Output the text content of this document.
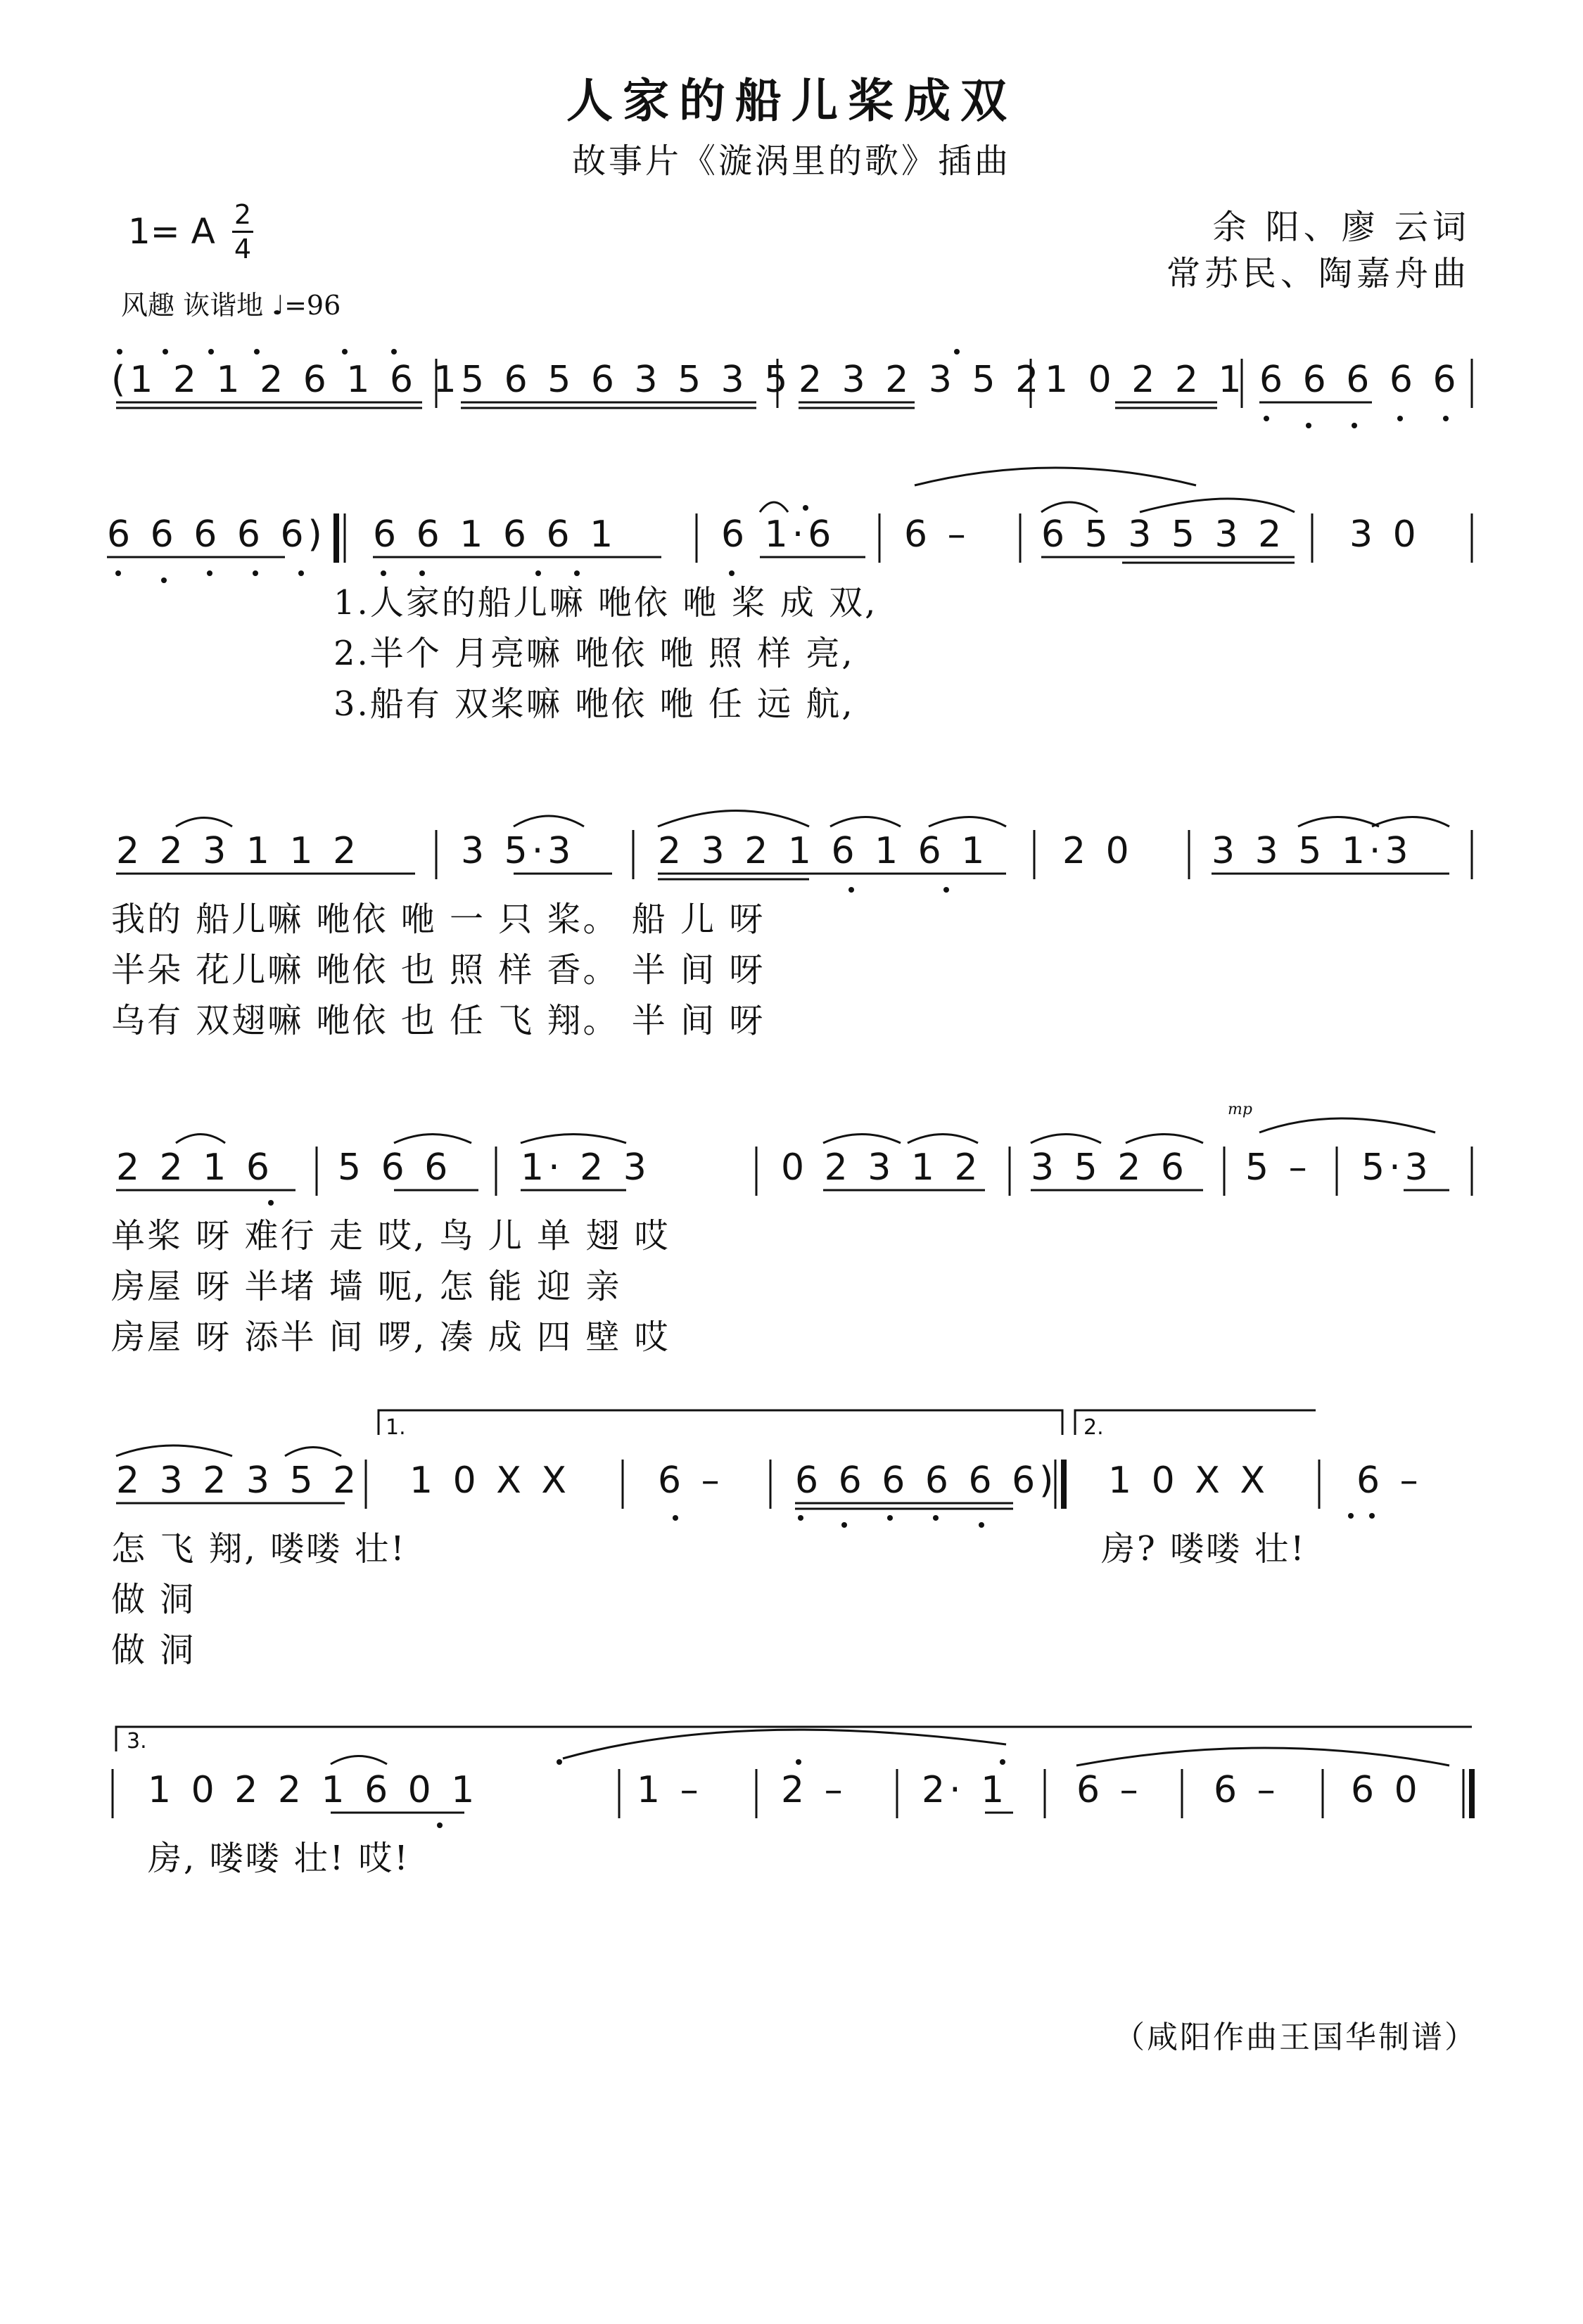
人家的船儿桨成双
故事片《漩涡里的歌》插曲
1= A 2
4
风趣 诙谐地 ♩=96
余 阳、廖 云词
常苏民、陶嘉舟曲
(1 2 1 2 6 1 6 1 5 6 5 6 3 5 3 5 2 3 2 3 5 2 1 0 2 2 1 6 6 6 6 6
6 6 6 6 6) 6 6 1 6 6 1	6 1·6 6 – 6 5 3 5 3 2 3 0
1.人家的船儿嘛 咃依 咃 桨 成 双,
2.半个 月亮嘛 咃依 咃 照 样 亮,
3.船有 双桨嘛 咃依 咃 任 远 航,
2 2 3 1 1 2	3 5·3 2 3 2 1 6 1 6 1 2 0 3 3 5 1·3
我的 船儿嘛 咃依 咃 一 只 桨。 船 儿 呀
半朵 花儿嘛 咃依 也 照 样 香。 半 间 呀
乌有 双翅嘛 咃依 也 任 飞 翔。 半 间 呀
mp
2 2 1 6 5 6 6 1· 2 3	0 2 3 1 2 3 5 2 6 5 – 5·3
单桨 呀 难行 走 哎, 鸟 儿 单 翅 哎
房屋 呀 半堵 墙 呃, 怎 能 迎 亲
房屋 呀 添半 间 啰, 凑 成 四 壁 哎
1.	2.
2 3 2 3 5 2 1 0 X X 6 – 6 6 6 6 6 6) 1 0 X X 6 –
怎 飞 翔, 喽喽 壮!	房? 喽喽 壮!
做 洞
做 洞
3.
1 0 2 2 1 6 0 1	1 – 2 – 2· 1 6 – 6 – 6 0
房, 喽喽 壮! 哎!
（咸阳作曲王国华制谱）
